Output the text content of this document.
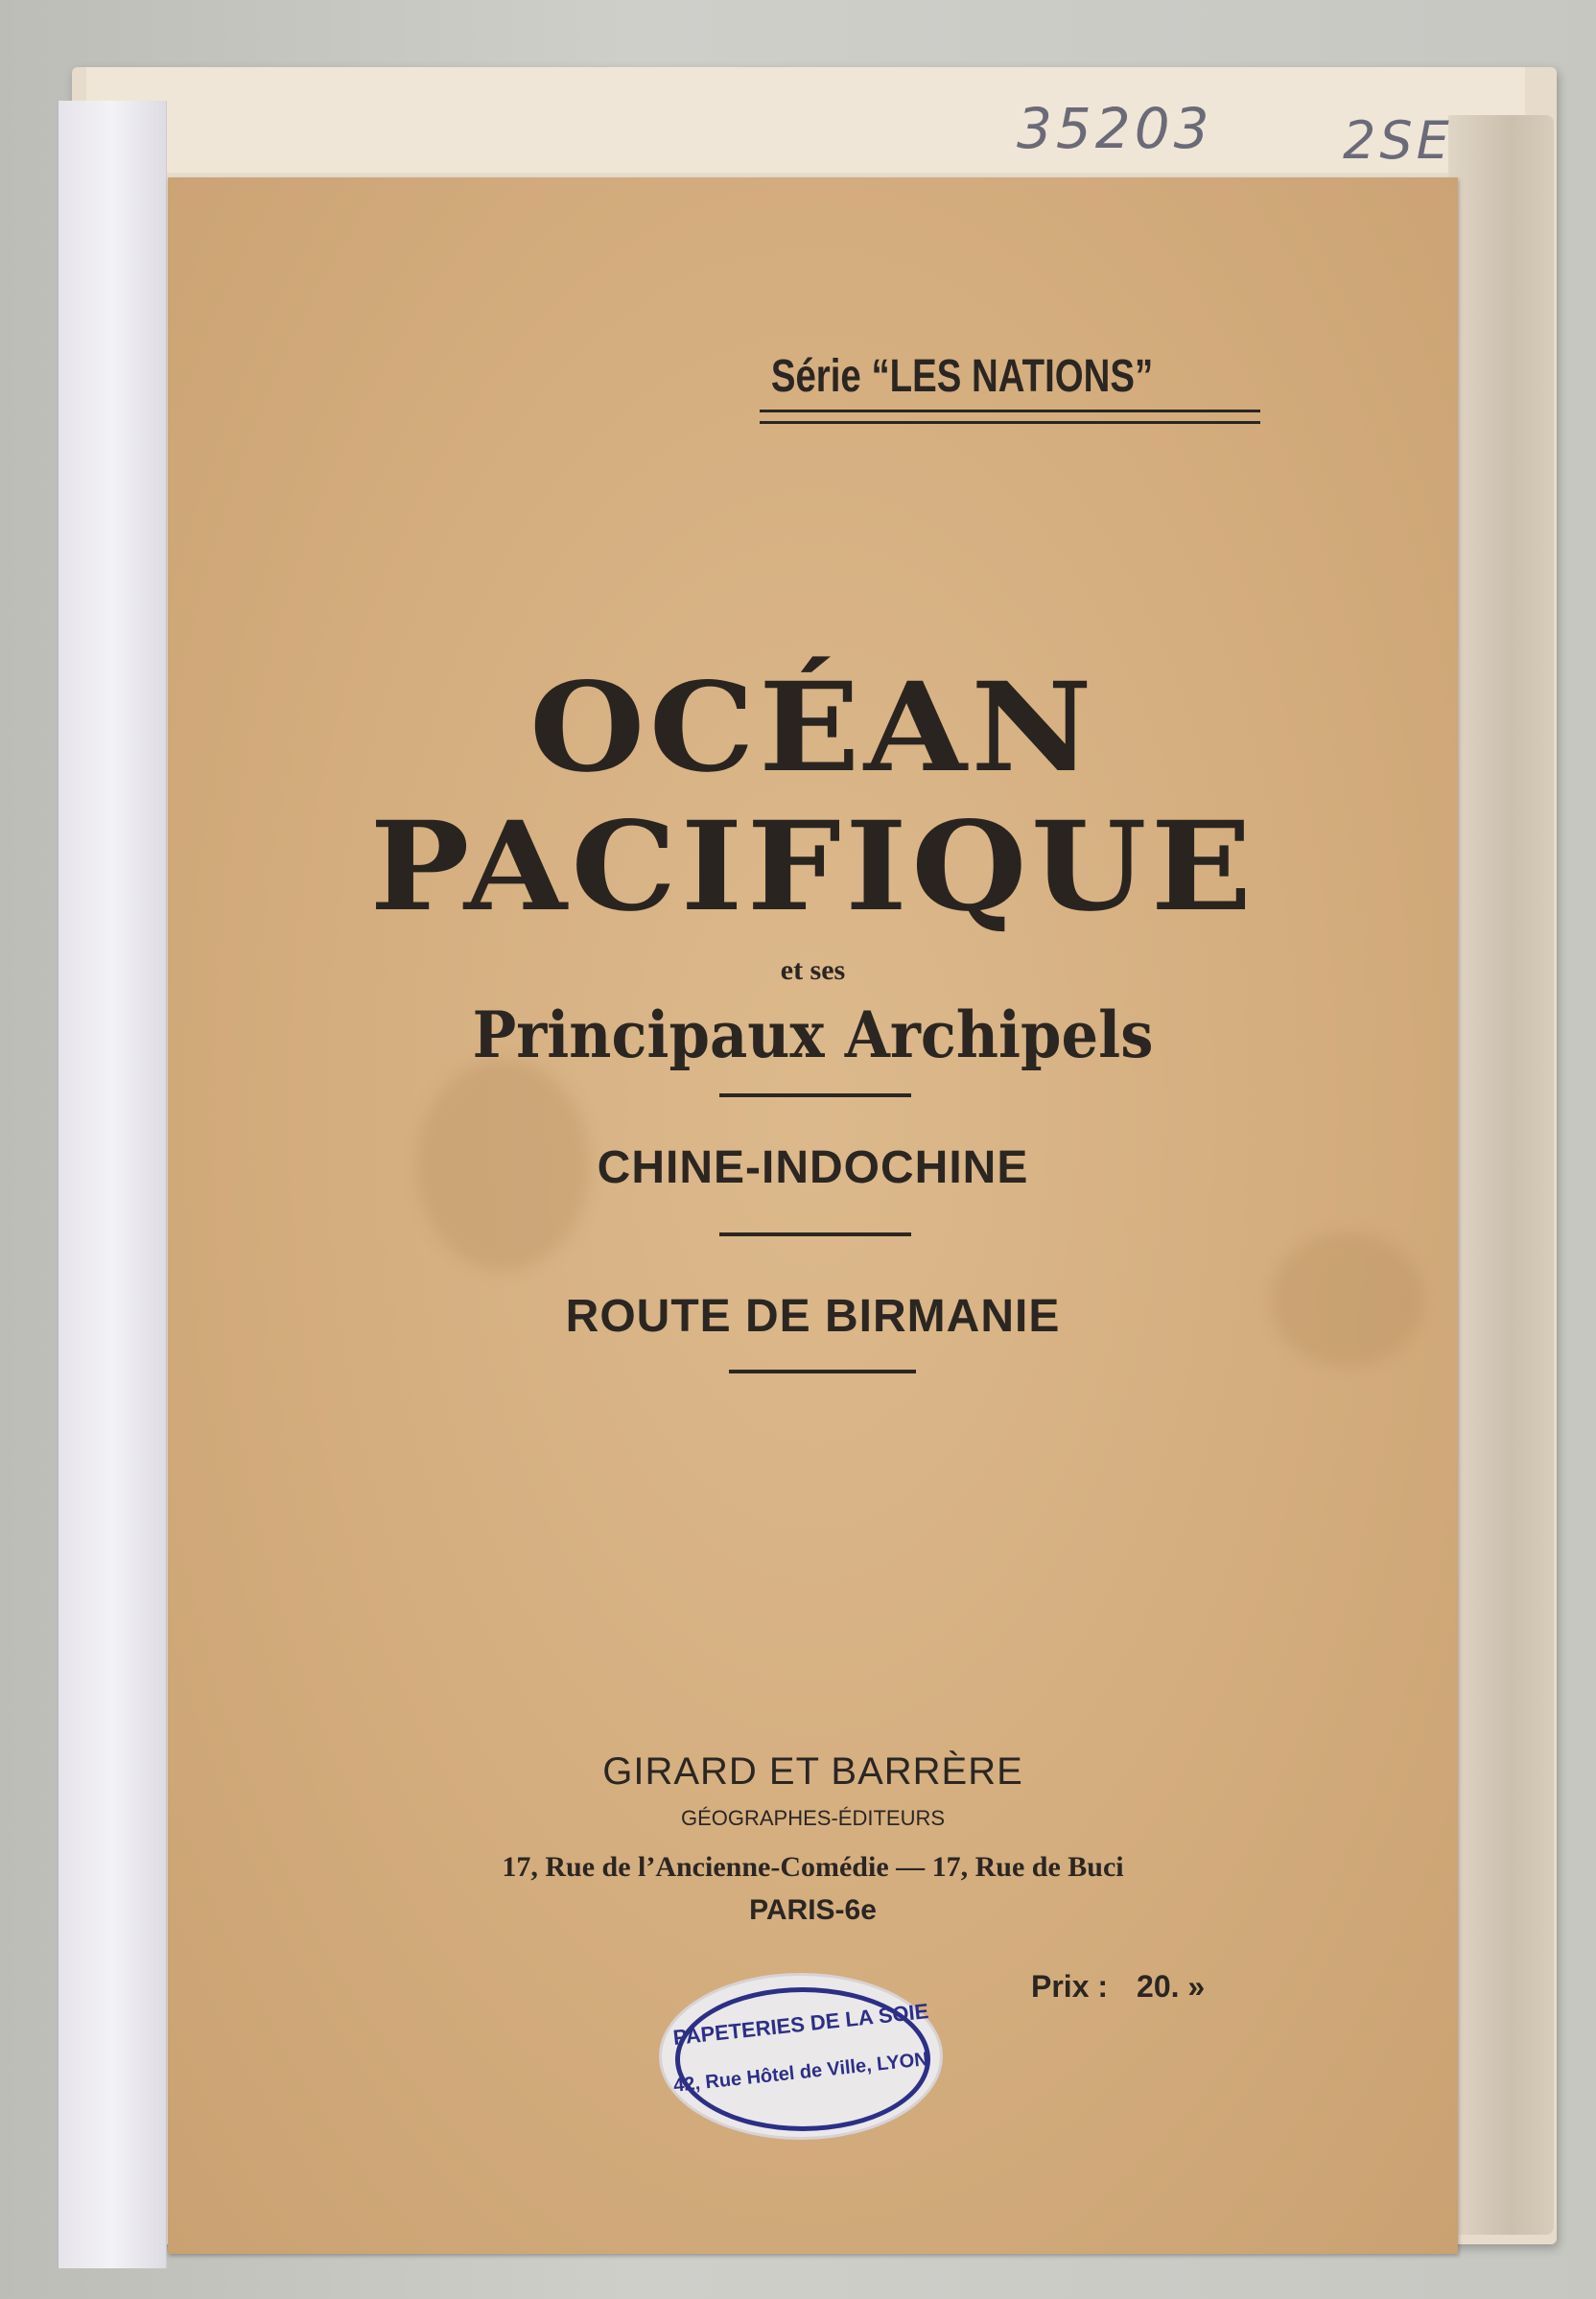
35203	2SE
Série “LES NATIONS”
OCÉAN
PACIFIQUE
et ses
Principaux Archipels
CHINE-INDOCHINE
ROUTE DE BIRMANIE
GIRARD ET BARRÈRE
GÉOGRAPHES-ÉDITEURS
17, Rue de l’Ancienne-Comédie — 17, Rue de Buci
PARIS-6e
Prix : 20. »
PAPETERIES DE LA SOIE
42, Rue Hôtel de Ville, LYON
